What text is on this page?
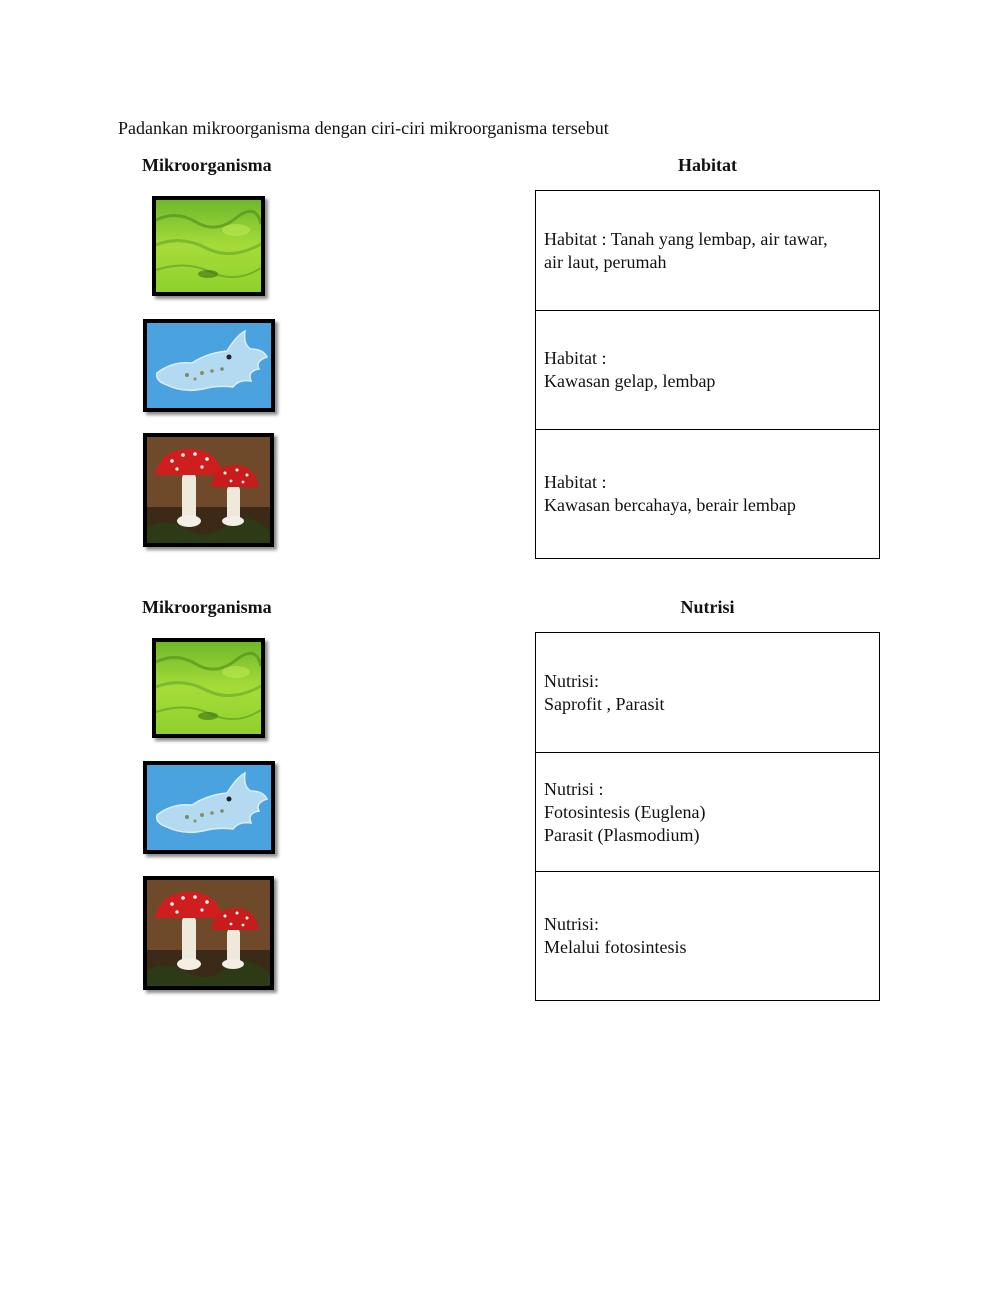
Padankan mikroorganisma dengan ciri-ciri mikroorganisma tersebut
Mikroorganisma	Habitat
Habitat : Tanah yang lembap, air tawar,
air laut, perumah
Habitat :
Kawasan gelap, lembap
Habitat :
Kawasan bercahaya, berair lembap
Mikroorganisma	Nutrisi
Nutrisi:
Saprofit , Parasit
Nutrisi :
Fotosintesis (Euglena)
Parasit (Plasmodium)
Nutrisi:
Melalui fotosintesis
